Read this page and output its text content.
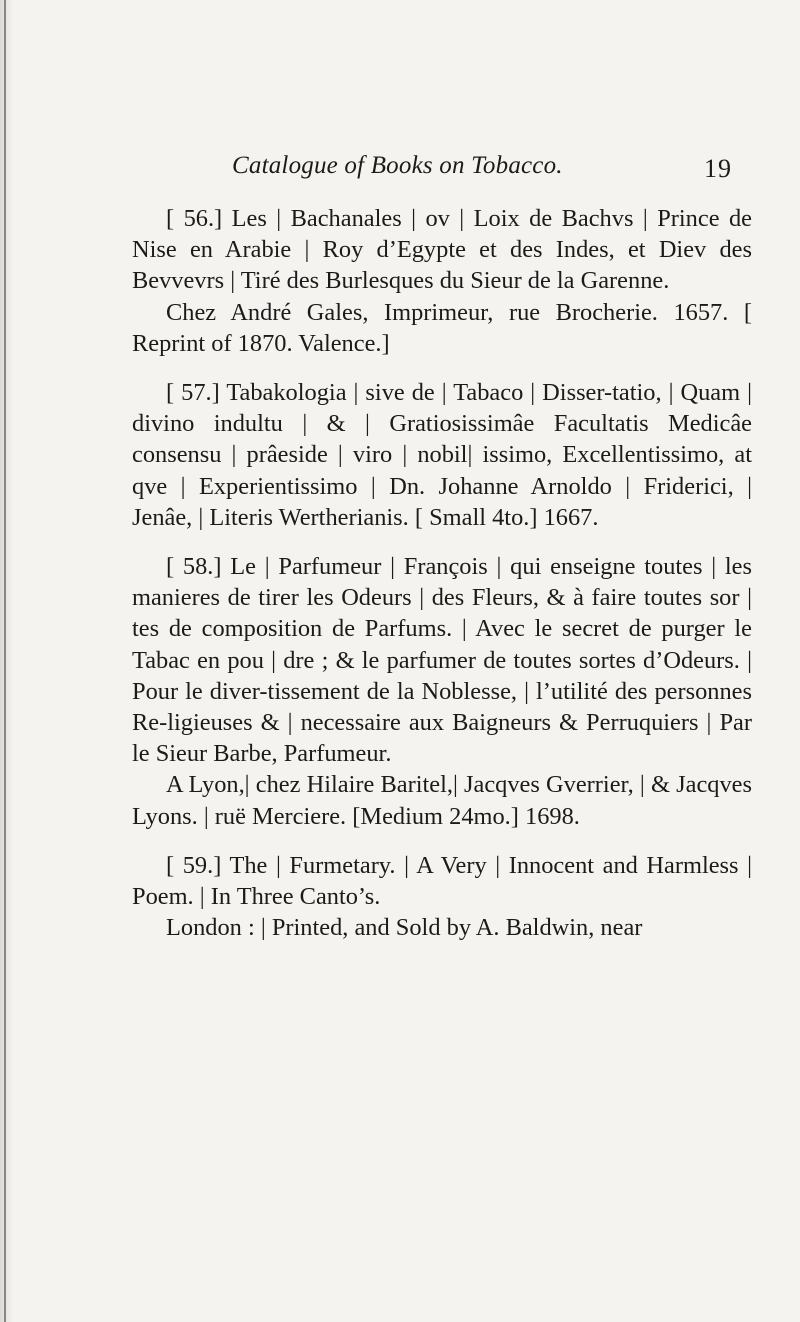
Catalogue of Books on Tobacco.	19

[ 56.] Les | Bachanales | ov | Loix de Bachvs | Prince de Nise en Arabie | Roy d’Egypte et des Indes, et Diev des Bevvevrs | Tiré des Burlesques du Sieur de la Garenne.

Chez André Gales, Imprimeur, rue Brocherie. 1657. [ Reprint of 1870. Valence.]

[ 57.] Tabakologia | sive de | Tabaco | Disser-tatio, | Quam | divino indultu | & | Gratiosissimâe Facultatis Medicâe consensu | prâeside | viro | nobil| issimo, Excellentissimo, at qve | Experientissimo | Dn. Johanne Arnoldo | Friderici, | Jenâe, | Literis Wertherianis. [ Small 4to.] 1667.

[ 58.] Le | Parfumeur | François | qui enseigne toutes | les manieres de tirer les Odeurs | des Fleurs, & à faire toutes sor | tes de composition de Parfums. | Avec le secret de purger le Tabac en pou | dre ; & le parfumer de toutes sortes d’Odeurs. | Pour le diver-tissement de la Noblesse, | l’utilité des personnes Re-ligieuses & | necessaire aux Baigneurs & Perruquiers | Par le Sieur Barbe, Parfumeur.

A Lyon,| chez Hilaire Baritel,| Jacqves Gverrier, | & Jacqves Lyons. | ruë Merciere. [Medium 24mo.] 1698.

[ 59.] The | Furmetary. | A Very | Innocent and Harmless | Poem. | In Three Canto’s.

London : | Printed, and Sold by A. Baldwin, near
